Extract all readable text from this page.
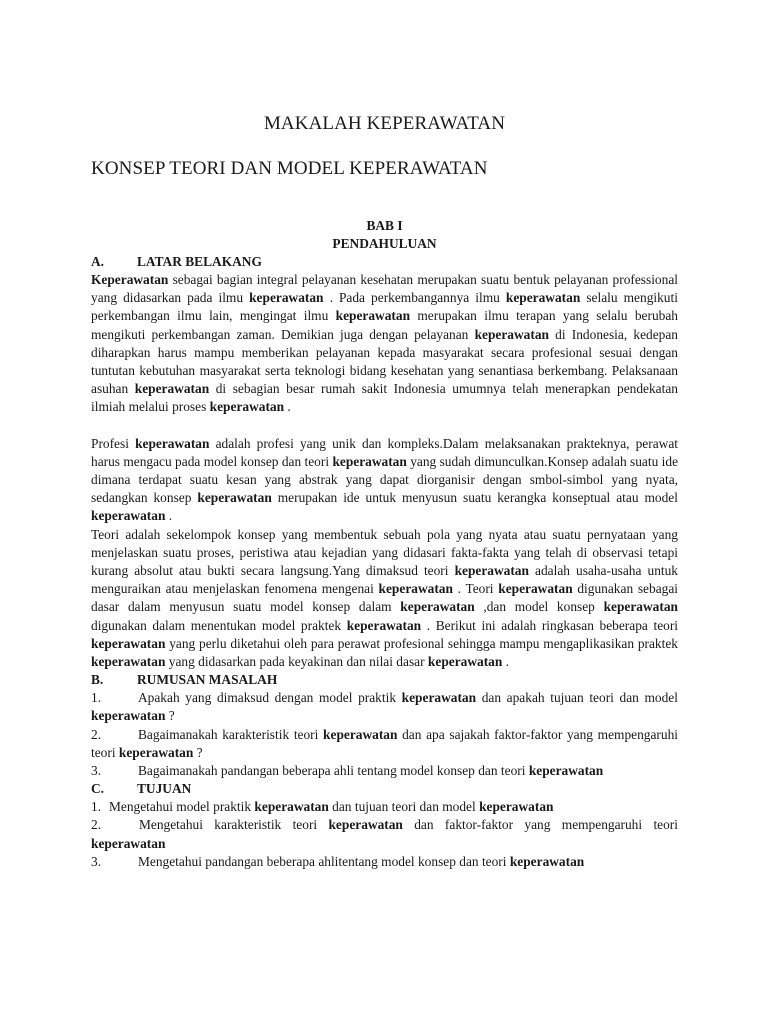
MAKALAH KEPERAWATAN
KONSEP TEORI DAN MODEL KEPERAWATAN
BAB I
PENDAHULUAN
A.	LATAR BELAKANG

Keperawatan sebagai bagian integral pelayanan kesehatan merupakan suatu bentuk pelayanan professional yang didasarkan pada ilmu keperawatan . Pada perkembangannya ilmu keperawatan selalu mengikuti perkembangan ilmu lain, mengingat ilmu keperawatan merupakan ilmu terapan yang selalu berubah mengikuti perkembangan zaman. Demikian juga dengan pelayanan keperawatan di Indonesia, kedepan diharapkan harus mampu memberikan pelayanan kepada masyarakat secara profesional sesuai dengan tuntutan kebutuhan masyarakat serta teknologi bidang kesehatan yang senantiasa berkembang. Pelaksanaan asuhan keperawatan di sebagian besar rumah sakit Indonesia umumnya telah menerapkan pendekatan ilmiah melalui proses keperawatan .

Profesi keperawatan adalah profesi yang unik dan kompleks.Dalam melaksanakan prakteknya, perawat harus mengacu pada model konsep dan teori keperawatan yang sudah dimunculkan.Konsep adalah suatu ide dimana terdapat suatu kesan yang abstrak yang dapat diorganisir dengan smbol-simbol yang nyata, sedangkan konsep keperawatan merupakan ide untuk menyusun suatu kerangka konseptual atau model keperawatan .

Teori adalah sekelompok konsep yang membentuk sebuah pola yang nyata atau suatu pernyataan yang menjelaskan suatu proses, peristiwa atau kejadian yang didasari fakta-fakta yang telah di observasi tetapi kurang absolut atau bukti secara langsung.Yang dimaksud teori keperawatan adalah usaha-usaha untuk menguraikan atau menjelaskan fenomena mengenai keperawatan . Teori keperawatan digunakan sebagai dasar dalam menyusun suatu model konsep dalam keperawatan ,dan model konsep keperawatan digunakan dalam menentukan model praktek keperawatan . Berikut ini adalah ringkasan beberapa teori keperawatan yang perlu diketahui oleh para perawat profesional sehingga mampu mengaplikasikan praktek keperawatan yang didasarkan pada keyakinan dan nilai dasar keperawatan .

B.	RUMUSAN MASALAH

1.	Apakah yang dimaksud dengan model praktik keperawatan dan apakah tujuan teori dan model keperawatan ?

2.	Bagaimanakah karakteristik teori keperawatan dan apa sajakah faktor-faktor yang mempengaruhi teori keperawatan ?

3.	Bagaimanakah pandangan beberapa ahli tentang model konsep dan teori keperawatan

C.	TUJUAN

1. Mengetahui model praktik keperawatan dan tujuan teori dan model keperawatan

2.	Mengetahui karakteristik teori keperawatan dan faktor-faktor yang mempengaruhi teori keperawatan

3.	Mengetahui pandangan beberapa ahlitentang model konsep dan teori keperawatan
